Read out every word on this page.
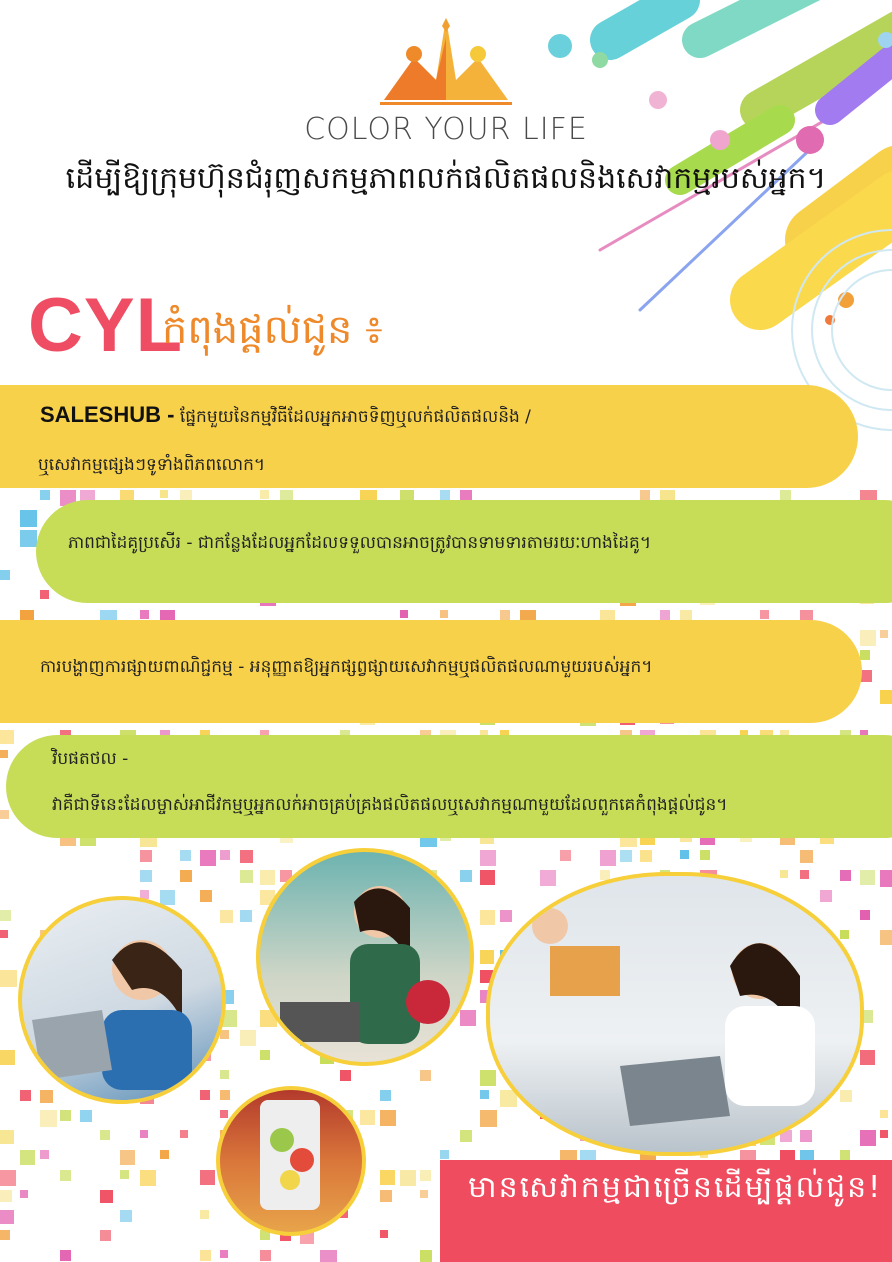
COLOR YOUR LIFE
ដើម្បីឱ្យក្រុមហ៊ុនជំរុញសកម្មភាពលក់ផលិតផលនិងសេវាកម្មរបស់អ្នក។
CYL
កំពុងផ្តល់ជូន ៖
SALESHUB - ផ្នែកមួយនៃកម្មវិធីដែលអ្នកអាចទិញឬលក់ផលិតផលនិង /
ឬសេវាកម្មផ្សេងៗទូទាំងពិភពលោក។
ភាពជាដៃគូប្រសើរ - ជាកន្លែងដែលអ្នកដែលទទួលបានអាចត្រូវបានទាមទារតាមរយៈហាងដៃគូ។
ការបង្ហាញការផ្សាយពាណិជ្ជកម្ម - អនុញ្ញាតឱ្យអ្នកផ្សព្វផ្សាយសេវាកម្មឬផលិតផលណាមួយរបស់អ្នក។
វិបផតថល -
វាគឺជាទីនេះដែលម្ចាស់អាជីវកម្មឬអ្នកលក់អាចគ្រប់គ្រងផលិតផលឬសេវាកម្មណាមួយដែលពួកគេកំពុងផ្តល់ជូន។
មានសេវាកម្មជាច្រើនដើម្បីផ្តល់ជូន!
